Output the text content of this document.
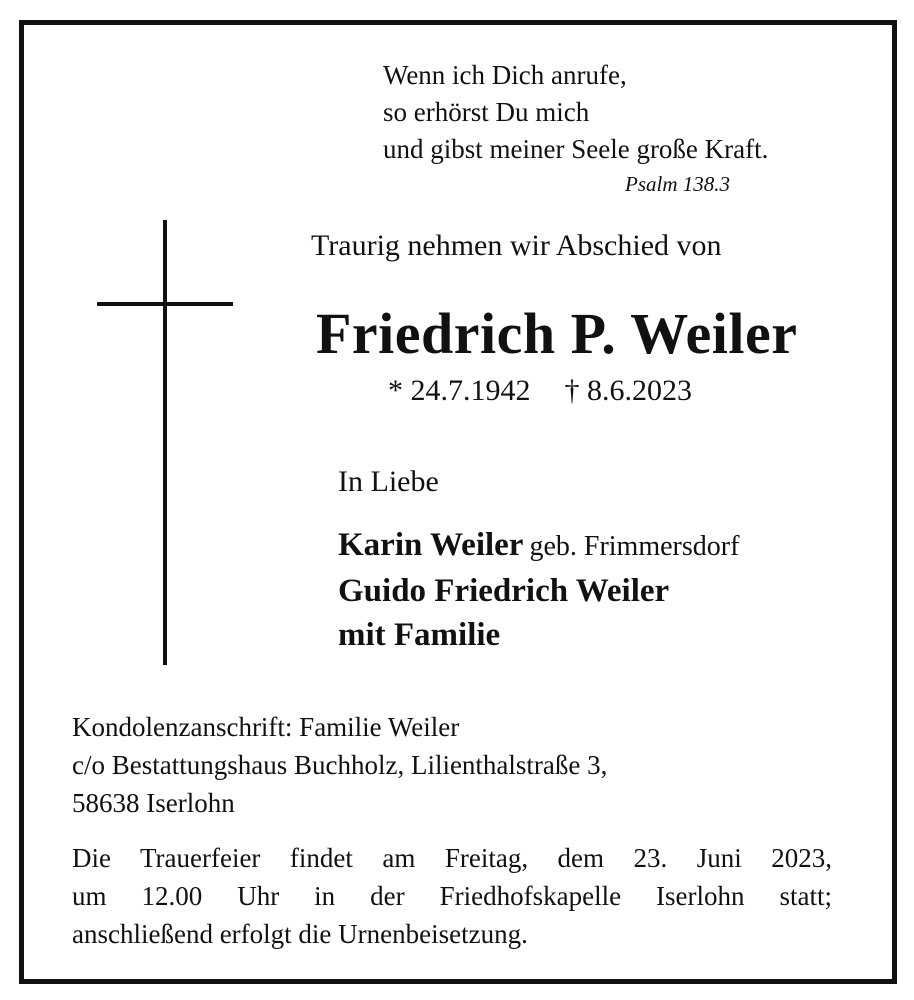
Wenn ich Dich anrufe,
so erhörst Du mich
und gibst meiner Seele große Kraft.
Psalm 138.3
Traurig nehmen wir Abschied von
Friedrich P. Weiler
* 24.7.1942 † 8.6.2023
In Liebe
Karin Weiler geb. Frimmersdorf
Guido Friedrich Weiler
mit Familie
Kondolenzanschrift: Familie Weiler
c/o Bestattungshaus Buchholz, Lilienthalstraße 3,
58638 Iserlohn
Die Trauerfeier findet am Freitag, dem 23. Juni 2023,
um 12.00 Uhr in der Friedhofskapelle Iserlohn statt;
anschließend erfolgt die Urnenbeisetzung.
